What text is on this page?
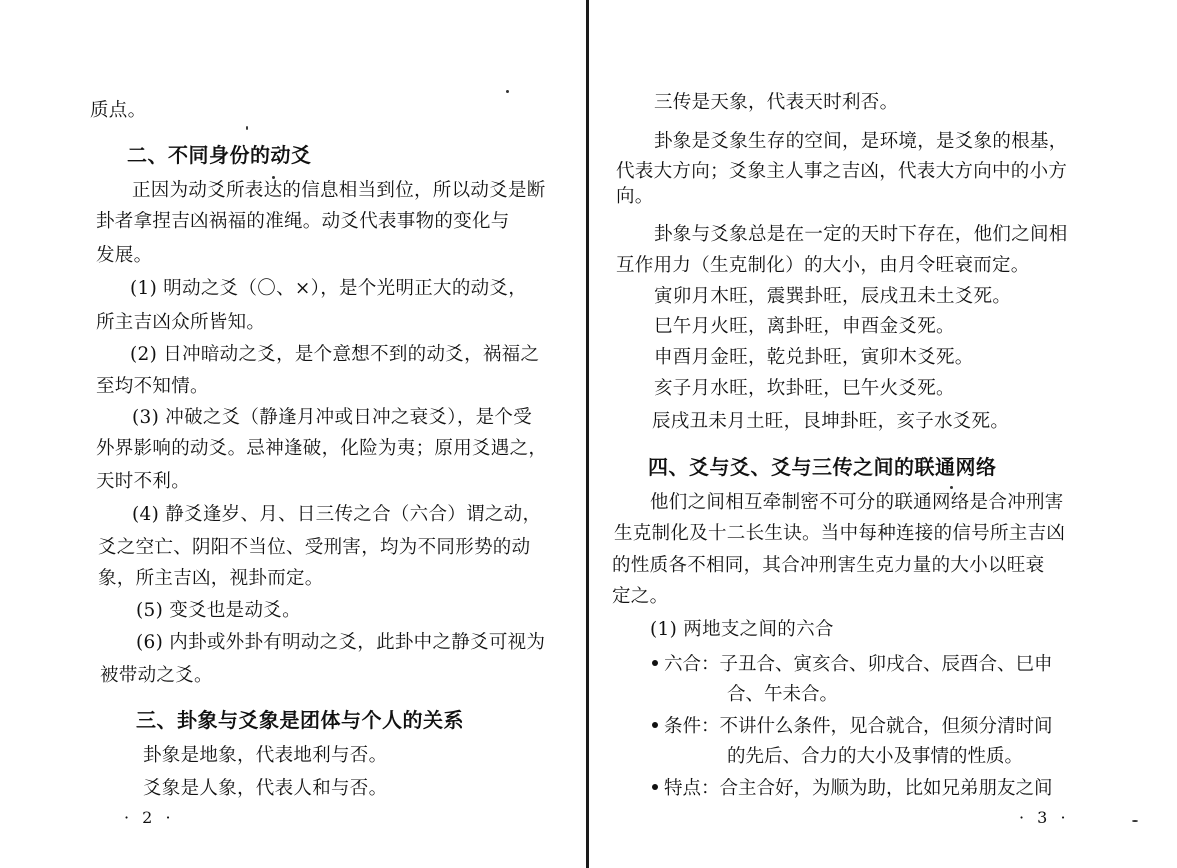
质点。
二、不同身份的动爻
正因为动爻所表达的信息相当到位，所以动爻是断
卦者拿捏吉凶祸福的准绳。动爻代表事物的变化与
发展。
(1) 明动之爻（〇、×），是个光明正大的动爻，
所主吉凶众所皆知。
(2) 日冲暗动之爻，是个意想不到的动爻，祸福之
至均不知情。
(3) 冲破之爻（静逢月冲或日冲之衰爻），是个受
外界影响的动爻。忌神逢破，化险为夷；原用爻遇之，
天时不利。
(4) 静爻逢岁、月、日三传之合（六合）谓之动，
爻之空亡、阴阳不当位、受刑害，均为不同形势的动
象，所主吉凶，视卦而定。
(5) 变爻也是动爻。
(6) 内卦或外卦有明动之爻，此卦中之静爻可视为
被带动之爻。
三、卦象与爻象是团体与个人的关系
卦象是地象，代表地利与否。
爻象是人象，代表人和与否。
· 2 ·
三传是天象，代表天时利否。
卦象是爻象生存的空间，是环境，是爻象的根基，
代表大方向；爻象主人事之吉凶，代表大方向中的小方
向。
卦象与爻象总是在一定的天时下存在，他们之间相
互作用力（生克制化）的大小，由月令旺衰而定。
寅卯月木旺，震巽卦旺，辰戌丑未土爻死。
巳午月火旺，离卦旺，申酉金爻死。
申酉月金旺，乾兑卦旺，寅卯木爻死。
亥子月水旺，坎卦旺，巳午火爻死。
辰戌丑未月土旺，艮坤卦旺，亥子水爻死。
四、爻与爻、爻与三传之间的联通网络
他们之间相互牵制密不可分的联通网络是合冲刑害
生克制化及十二长生诀。当中每种连接的信号所主吉凶
的性质各不相同，其合冲刑害生克力量的大小以旺衰
定之。
(1) 两地支之间的六合
六合：子丑合、寅亥合、卯戌合、辰酉合、巳申
合、午未合。
条件：不讲什么条件，见合就合，但须分清时间
的先后、合力的大小及事情的性质。
特点：合主合好，为顺为助，比如兄弟朋友之间
· 3 ·
